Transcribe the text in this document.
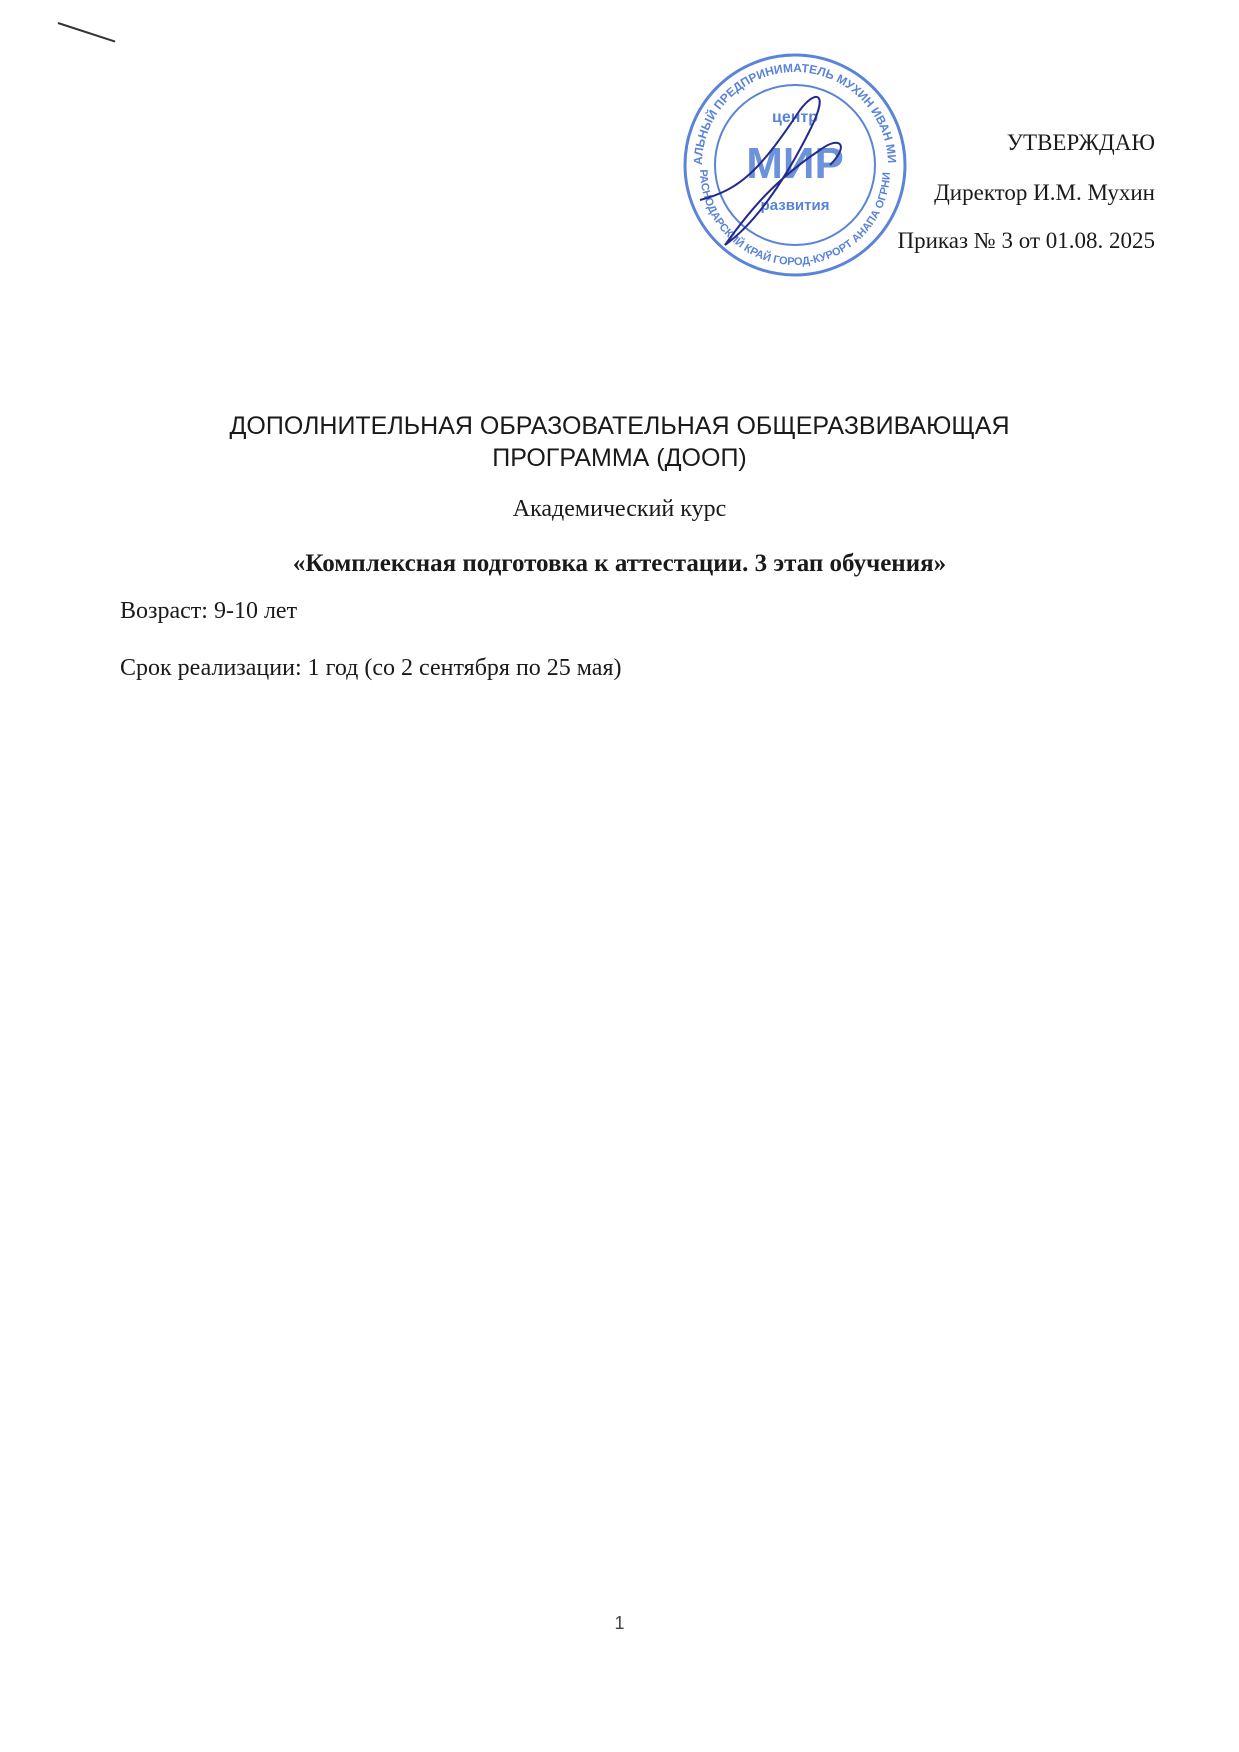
АЛЬНЫЙ ПРЕДПРИНИМАТЕЛЬ МУХИН ИВАН МИ
РАСНОДАРСКИЙ КРАЙ ГОРОД-КУРОРТ АНАПА ОГРНИ
центр
МИР
развития
УТВЕРЖДАЮ
Директор И.М. Мухин
Приказ № 3 от 01.08. 2025
ДОПОЛНИТЕЛЬНАЯ ОБРАЗОВАТЕЛЬНАЯ ОБЩЕРАЗВИВАЮЩАЯ
ПРОГРАММА (ДООП)
Академический курс
«Комплексная подготовка к аттестации. 3 этап обучения»
Возраст: 9-10 лет
Срок реализации: 1 год (со 2 сентября по 25 мая)
1
